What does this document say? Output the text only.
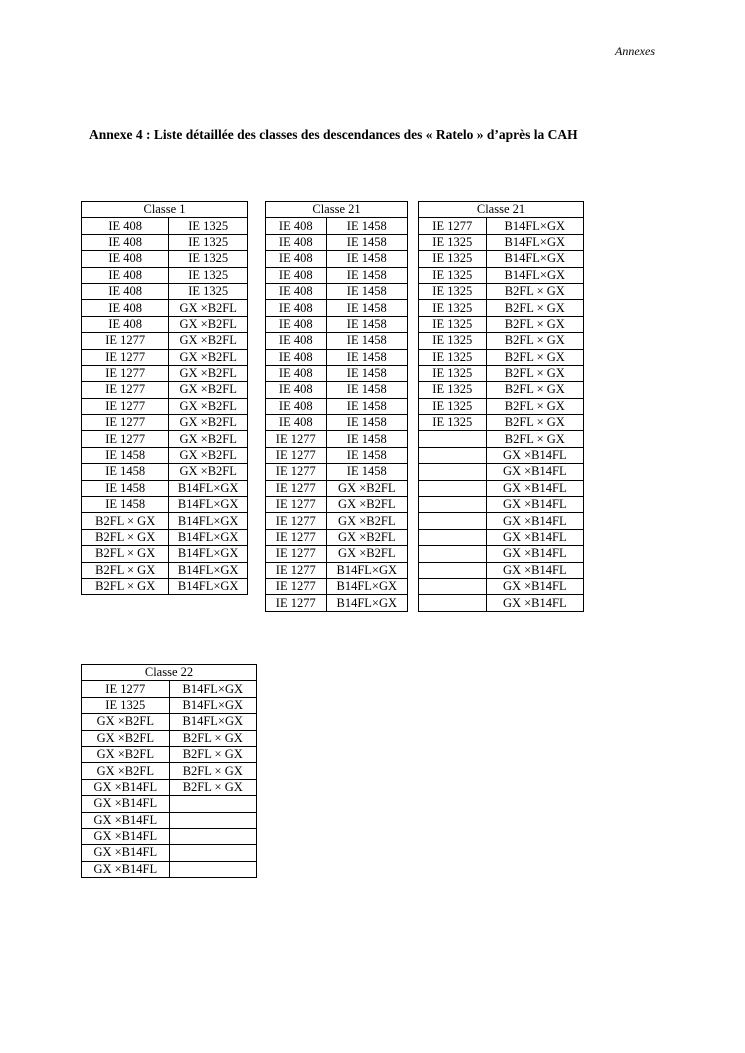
Annexes
Annexe 4 : Liste détaillée des classes des descendances des « Ratelo » d’après la CAH
Classe 1	
IE 408	IE 1325
IE 408	IE 1325
IE 408	IE 1325
IE 408	IE 1325
IE 408	IE 1325
IE 408	GX ×B2FL
IE 408	GX ×B2FL
IE 1277	GX ×B2FL
IE 1277	GX ×B2FL
IE 1277	GX ×B2FL
IE 1277	GX ×B2FL
IE 1277	GX ×B2FL
IE 1277	GX ×B2FL
IE 1277	GX ×B2FL
IE 1458	GX ×B2FL
IE 1458	GX ×B2FL
IE 1458	B14FL×GX
IE 1458	B14FL×GX
B2FL × GX	B14FL×GX
B2FL × GX	B14FL×GX
B2FL × GX	B14FL×GX
B2FL × GX	B14FL×GX
B2FL × GX	B14FL×GX
Classe 21	
IE 408	IE 1458
IE 408	IE 1458
IE 408	IE 1458
IE 408	IE 1458
IE 408	IE 1458
IE 408	IE 1458
IE 408	IE 1458
IE 408	IE 1458
IE 408	IE 1458
IE 408	IE 1458
IE 408	IE 1458
IE 408	IE 1458
IE 408	IE 1458
IE 1277	IE 1458
IE 1277	IE 1458
IE 1277	IE 1458
IE 1277	GX ×B2FL
IE 1277	GX ×B2FL
IE 1277	GX ×B2FL
IE 1277	GX ×B2FL
IE 1277	GX ×B2FL
IE 1277	B14FL×GX
IE 1277	B14FL×GX
IE 1277	B14FL×GX
Classe 21	
IE 1277	B14FL×GX
IE 1325	B14FL×GX
IE 1325	B14FL×GX
IE 1325	B14FL×GX
IE 1325	B2FL × GX
IE 1325	B2FL × GX
IE 1325	B2FL × GX
IE 1325	B2FL × GX
IE 1325	B2FL × GX
IE 1325	B2FL × GX
IE 1325	B2FL × GX
IE 1325	B2FL × GX
IE 1325	B2FL × GX
	B2FL × GX
	GX ×B14FL
	GX ×B14FL
	GX ×B14FL
	GX ×B14FL
	GX ×B14FL
	GX ×B14FL
	GX ×B14FL
	GX ×B14FL
	GX ×B14FL
	GX ×B14FL
Classe 22	
IE 1277	B14FL×GX
IE 1325	B14FL×GX
GX ×B2FL	B14FL×GX
GX ×B2FL	B2FL × GX
GX ×B2FL	B2FL × GX
GX ×B2FL	B2FL × GX
GX ×B14FL	B2FL × GX
GX ×B14FL	
GX ×B14FL	
GX ×B14FL	
GX ×B14FL	
GX ×B14FL	
